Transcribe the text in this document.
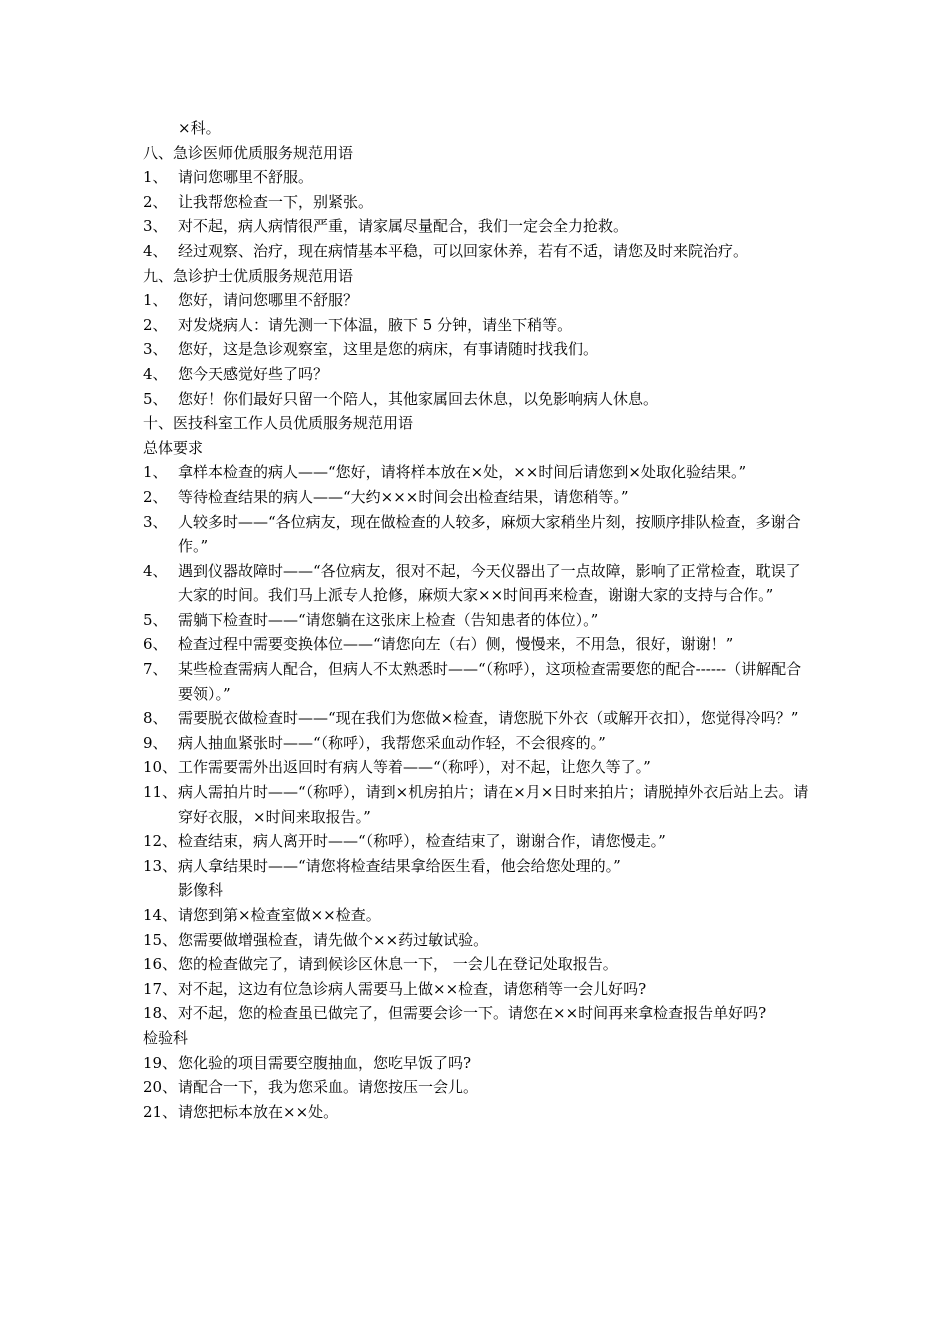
×科。
八、急诊医师优质服务规范用语
1、 请问您哪里不舒服。
2、 让我帮您检查一下，别紧张。
3、 对不起，病人病情很严重，请家属尽量配合，我们一定会全力抢救。
4、 经过观察、治疗，现在病情基本平稳，可以回家休养，若有不适，请您及时来院治疗。
九、急诊护士优质服务规范用语
1、 您好，请问您哪里不舒服？
2、 对发烧病人：请先测一下体温，腋下 5 分钟，请坐下稍等。
3、 您好，这是急诊观察室，这里是您的病床，有事请随时找我们。
4、 您今天感觉好些了吗？
5、 您好！你们最好只留一个陪人，其他家属回去休息，以免影响病人休息。
十、医技科室工作人员优质服务规范用语
总体要求
1、 拿样本检查的病人——“您好，请将样本放在×处，××时间后请您到×处取化验结果。”
2、 等待检查结果的病人——“大约×××时间会出检查结果，请您稍等。”
3、 人较多时——“各位病友，现在做检查的人较多，麻烦大家稍坐片刻，按顺序排队检查，多谢合作。”
4、 遇到仪器故障时——“各位病友，很对不起，今天仪器出了一点故障，影响了正常检查，耽误了大家的时间。我们马上派专人抢修，麻烦大家××时间再来检查，谢谢大家的支持与合作。”
5、 需躺下检查时——“请您躺在这张床上检查（告知患者的体位）。”
6、 检查过程中需要变换体位——“请您向左（右）侧，慢慢来，不用急，很好，谢谢！”
7、 某些检查需病人配合，但病人不太熟悉时——“（称呼），这项检查需要您的配合------（讲解配合要领）。”
8、 需要脱衣做检查时——“现在我们为您做×检查，请您脱下外衣（或解开衣扣），您觉得冷吗？”
9、 病人抽血紧张时——“（称呼），我帮您采血动作轻，不会很疼的。”
10、工作需要需外出返回时有病人等着——“（称呼），对不起，让您久等了。”
11、病人需拍片时——“（称呼），请到×机房拍片；请在×月×日时来拍片；请脱掉外衣后站上去。请穿好衣服，×时间来取报告。”
12、检查结束，病人离开时——“（称呼），检查结束了，谢谢合作，请您慢走。”
13、病人拿结果时——“请您将检查结果拿给医生看，他会给您处理的。”
影像科
14、请您到第×检查室做××检查。
15、您需要做增强检查，请先做个××药过敏试验。
16、您的检查做完了，请到候诊区休息一下， 一会儿在登记处取报告。
17、对不起，这边有位急诊病人需要马上做××检查，请您稍等一会儿好吗?
18、对不起，您的检查虽已做完了，但需要会诊一下。请您在××时间再来拿检查报告单好吗?
检验科
19、您化验的项目需要空腹抽血，您吃早饭了吗?
20、请配合一下，我为您采血。请您按压一会儿。
21、请您把标本放在××处。
